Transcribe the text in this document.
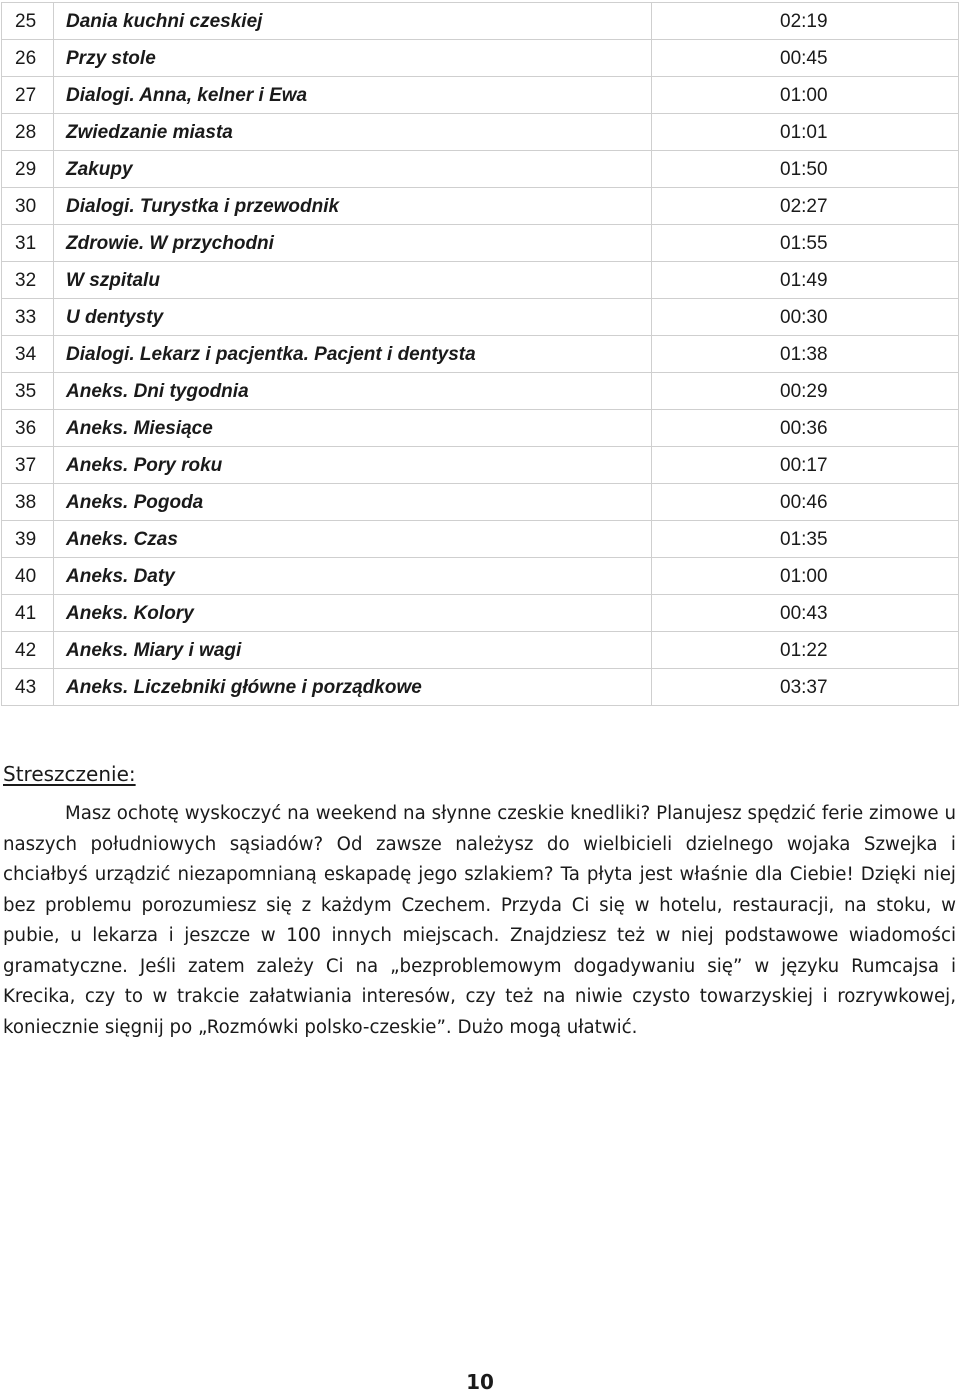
25	Dania kuchni czeskiej	02:19
26	Przy stole	00:45
27	Dialogi. Anna, kelner i Ewa	01:00
28	Zwiedzanie miasta	01:01
29	Zakupy	01:50
30	Dialogi. Turystka i przewodnik	02:27
31	Zdrowie. W przychodni	01:55
32	W szpitalu	01:49
33	U dentysty	00:30
34	Dialogi. Lekarz i pacjentka. Pacjent i dentysta	01:38
35	Aneks. Dni tygodnia	00:29
36	Aneks. Miesiące	00:36
37	Aneks. Pory roku	00:17
38	Aneks. Pogoda	00:46
39	Aneks. Czas	01:35
40	Aneks. Daty	01:00
41	Aneks. Kolory	00:43
42	Aneks. Miary i wagi	01:22
43	Aneks. Liczebniki główne i porządkowe	03:37
Streszczenie:

Masz ochotę wyskoczyć na weekend na słynne czeskie knedliki? Planujesz spędzić ferie zimowe u naszych południowych sąsiadów? Od zawsze należysz do wielbicieli dzielnego wojaka Szwejka i chciałbyś urządzić niezapomnianą eskapadę jego szlakiem? Ta płyta jest właśnie dla Ciebie! Dzięki niej bez problemu porozumiesz się z każdym Czechem. Przyda Ci się w hotelu, restauracji, na stoku, w pubie, u lekarza i jeszcze w 100 innych miejscach. Znajdziesz też w niej podstawowe wiadomości gramatyczne. Jeśli zatem zależy Ci na „bezproblemowym dogadywaniu się” w języku Rumcajsa i Krecika, czy to w trakcie załatwiania interesów, czy też na niwie czysto towarzyskiej i rozrywkowej, koniecznie sięgnij po „Rozmówki polsko-czeskie”. Dużo mogą ułatwić.

10
